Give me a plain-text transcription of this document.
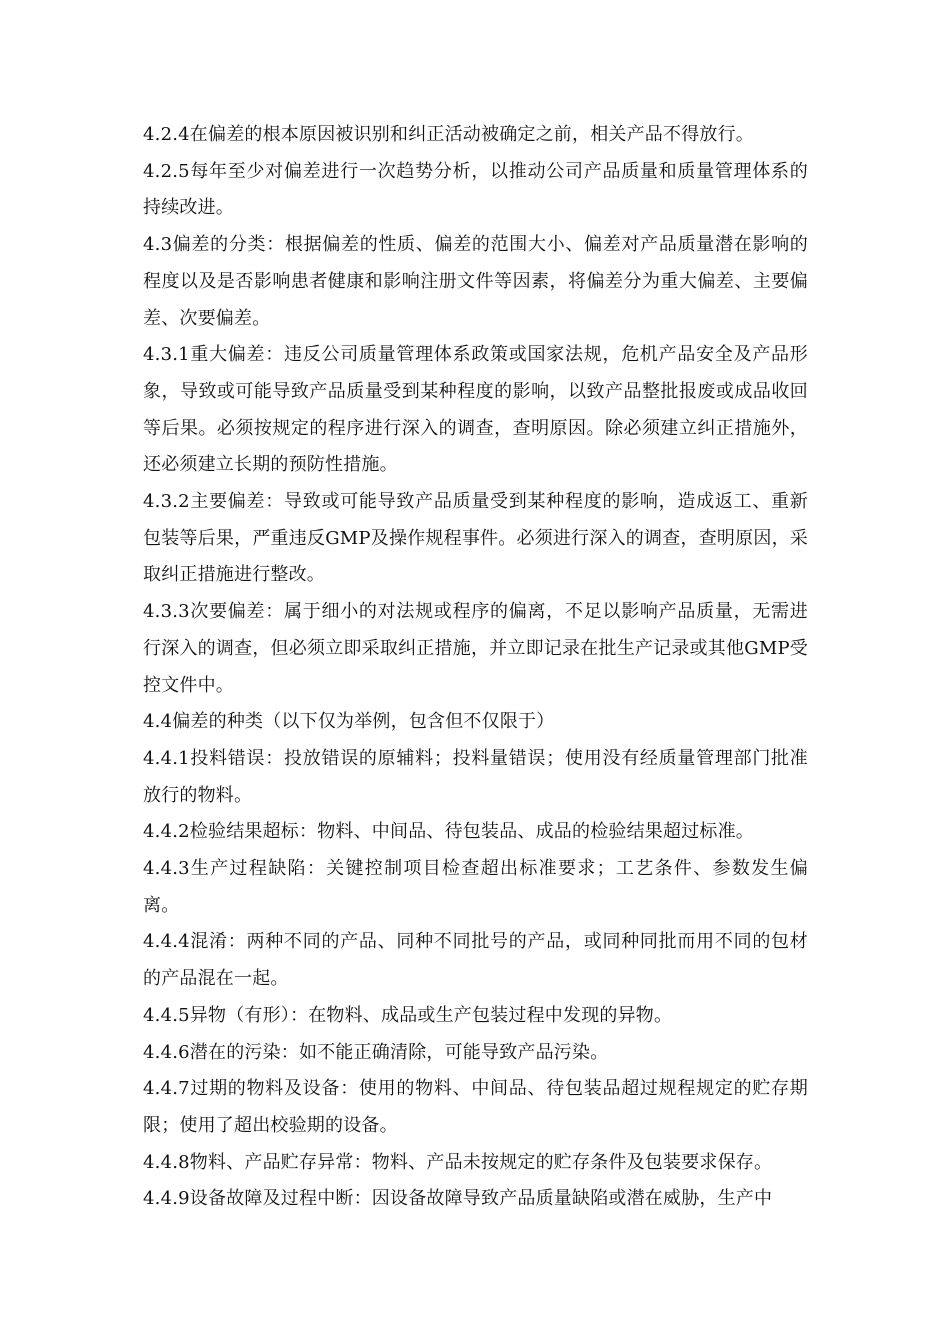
4.2.4在偏差的根本原因被识别和纠正活动被确定之前，相关产品不得放行。

4.2.5每年至少对偏差进行一次趋势分析，以推动公司产品质量和质量管理体系的持续改进。

4.3偏差的分类：根据偏差的性质、偏差的范围大小、偏差对产品质量潜在影响的程度以及是否影响患者健康和影响注册文件等因素，将偏差分为重大偏差、主要偏差、次要偏差。

4.3.1重大偏差：违反公司质量管理体系政策或国家法规，危机产品安全及产品形象，导致或可能导致产品质量受到某种程度的影响，以致产品整批报废或成品收回等后果。必须按规定的程序进行深入的调查，查明原因。除必须建立纠正措施外，还必须建立长期的预防性措施。

4.3.2主要偏差：导致或可能导致产品质量受到某种程度的影响，造成返工、重新包装等后果，严重违反GMP及操作规程事件。必须进行深入的调查，查明原因，采取纠正措施进行整改。

4.3.3次要偏差：属于细小的对法规或程序的偏离，不足以影响产品质量，无需进行深入的调查，但必须立即采取纠正措施，并立即记录在批生产记录或其他GMP受控文件中。

4.4偏差的种类（以下仅为举例，包含但不仅限于）

4.4.1投料错误：投放错误的原辅料；投料量错误；使用没有经质量管理部门批准放行的物料。

4.4.2检验结果超标：物料、中间品、待包装品、成品的检验结果超过标准。

4.4.3生产过程缺陷：关键控制项目检查超出标准要求；工艺条件、参数发生偏离。

4.4.4混淆：两种不同的产品、同种不同批号的产品，或同种同批而用不同的包材的产品混在一起。

4.4.5异物（有形）：在物料、成品或生产包装过程中发现的异物。

4.4.6潜在的污染：如不能正确清除，可能导致产品污染。

4.4.7过期的物料及设备：使用的物料、中间品、待包装品超过规程规定的贮存期限；使用了超出校验期的设备。

4.4.8物料、产品贮存异常：物料、产品未按规定的贮存条件及包装要求保存。

4.4.9设备故障及过程中断：因设备故障导致产品质量缺陷或潜在威胁，生产中
